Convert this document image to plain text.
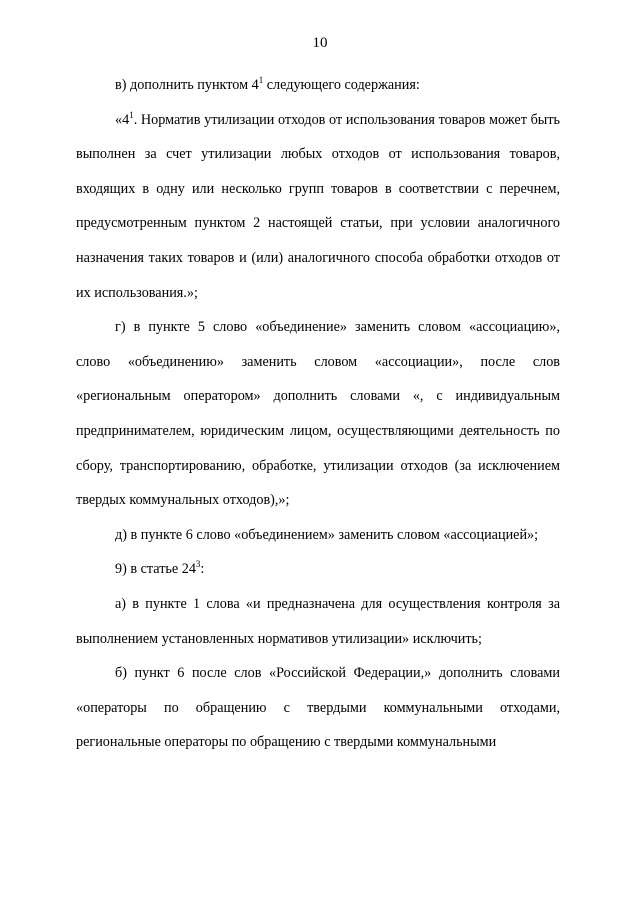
10

в) дополнить пунктом $4^1$ следующего содержания:

«$4^1$. Норматив утилизации отходов от использования товаров может быть выполнен за счет утилизации любых отходов от использования товаров, входящих в одну или несколько групп товаров в соответствии с перечнем, предусмотренным пунктом 2 настоящей статьи, при условии аналогичного назначения таких товаров и (или) аналогичного способа обработки отходов от их использования.»;

г) в пункте 5 слово «объединение» заменить словом «ассоциацию», слово «объединению» заменить словом «ассоциации», после слов «региональным оператором» дополнить словами «, с индивидуальным предпринимателем, юридическим лицом, осуществляющими деятельность по сбору, транспортированию, обработке, утилизации отходов (за исключением твердых коммунальных отходов),»;

д) в пункте 6 слово «объединением» заменить словом «ассоциацией»;

9) в статье $24^3$:

а) в пункте 1 слова «и предназначена для осуществления контроля за выполнением установленных нормативов утилизации» исключить;

б) пункт 6 после слов «Российской Федерации,» дополнить словами «операторы по обращению с твердыми коммунальными отходами, региональные операторы по обращению с твердыми коммунальными
